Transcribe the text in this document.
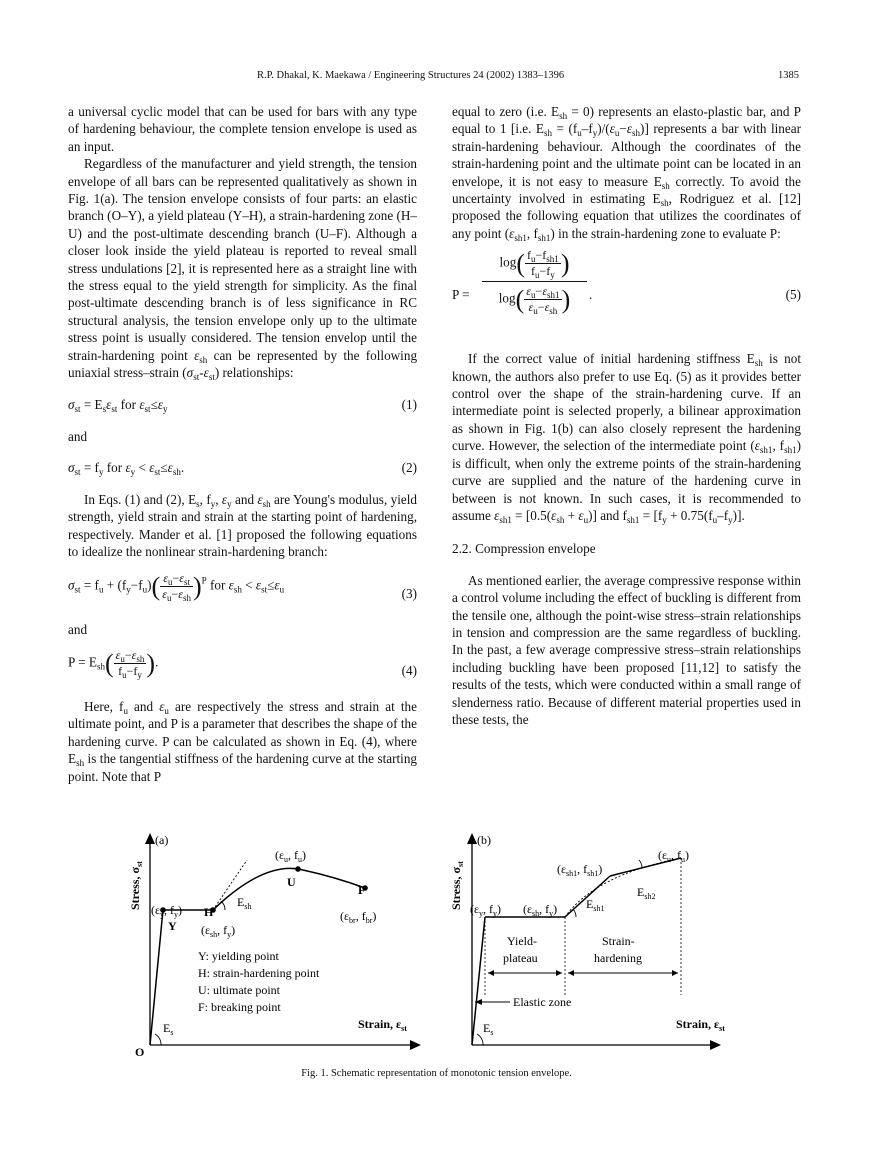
R.P. Dhakal, K. Maekawa / Engineering Structures 24 (2002) 1383–1396	1385

a universal cyclic model that can be used for bars with any type of hardening behaviour, the complete tension envelope is used as an input.

Regardless of the manufacturer and yield strength, the tension envelope of all bars can be represented qualitatively as shown in Fig. 1(a). The tension envelope consists of four parts: an elastic branch (O–Y), a yield plateau (Y–H), a strain-hardening zone (H–U) and the post-ultimate descending branch (U–F). Although a closer look inside the yield plateau is reported to reveal small stress undulations [2], it is represented here as a straight line with the stress equal to the yield strength for simplicity. As the final post-ultimate descending branch is of less significance in RC structural analysis, the tension envelope only up to the ultimate stress point is usually considered. The tension envelop until the strain-hardening point $\varepsilon_{sh}$ can be represented by the following uniaxial stress–strain $(\sigma_{st}-\varepsilon_{st})$ relationships:

$\sigma_{st} = E_s\varepsilon_{st}$ for $\varepsilon_{st}\le\varepsilon_y$	(1)

and

$\sigma_{st} = f_y$ for $\varepsilon_y < \varepsilon_{st}\le\varepsilon_{sh}$.	(2)

In Eqs. (1) and (2), $E_s$, $f_y$, $\varepsilon_y$ and $\varepsilon_{sh}$ are Young's modulus, yield strength, yield strain and strain at the starting point of hardening, respectively. Mander et al. [1] proposed the following equations to idealize the nonlinear strain-hardening branch:

$\sigma_{st} = f_u + (f_y-f_u)( \frac{\varepsilon_u-\varepsilon_{st}}{\varepsilon_u-\varepsilon_{sh}} )^P$ for $\varepsilon_{sh} < \varepsilon_{st}\le\varepsilon_u$	(3)

and

$P = E_{sh}( \frac{\varepsilon_u-\varepsilon_{sh}}{f_u-f_y}$ ).
(4)

Here, $f_u$ and $\varepsilon_u$ are respectively the stress and strain at the ultimate point, and P is a parameter that describes the shape of the hardening curve. P can be calculated as shown in Eq. (4), where $E_{sh}$ is the tangential stiffness of the hardening curve at the starting point. Note that P

equal to zero (i.e. $E_{sh} = 0$) represents an elasto-plastic bar, and P equal to 1 [i.e. $E_{sh} = (f_u-f_y)/(\varepsilon_u-\varepsilon_{sh})$] represents a bar with linear strain-hardening behaviour. Although the coordinates of the strain-hardening point and the ultimate point can be located in an envelope, it is not easy to measure $E_{sh}$ correctly. To avoid the uncertainty involved in estimating $E_{sh}$, Rodriguez et al. [12] proposed the following equation that utilizes the coordinates of any point ($\varepsilon_{sh1}$, $f_{sh1}$) in the strain-hardening zone to evaluate P:

P =
$\log( \frac{f_u-f_{sh1}}{f_u-f_y}$ )
$\log( \frac{\varepsilon_u-\varepsilon_{sh1}}{\varepsilon_u-\varepsilon_{sh}}$ )	.	(5)

If the correct value of initial hardening stiffness $E_{sh}$ is not known, the authors also prefer to use Eq. (5) as it provides better control over the shape of the strain-hardening curve. If an intermediate point is selected properly, a bilinear approximation as shown in Fig. 1(b) can also closely represent the hardening curve. However, the selection of the intermediate point ($\varepsilon_{sh1}$, $f_{sh1}$) is difficult, when only the extreme points of the strain-hardening curve are supplied and the nature of the hardening curve in between is not known. In such cases, it is recommended to assume $\varepsilon_{sh1} = [0.5(\varepsilon_{sh} + \varepsilon_u)]$ and $f_{sh1} = [f_y + 0.75(f_u-f_y)]$.

2.2. Compression envelope

As mentioned earlier, the average compressive response within a control volume including the effect of buckling is different from the tensile one, although the point-wise stress–strain relationships in tension and compression are the same regardless of buckling. In the past, a few average compressive stress–strain relationships including buckling have been proposed [11,12] to satisfy the results of the tests, which were conducted within a small range of slenderness ratio. Because of different material properties used in these tests, the

(a)
Stress, $\sigma_{st}$
Strain, $\varepsilon_{st}$
($\varepsilon_y$, $f_y$)
Y
H
($\varepsilon_{sh}$, $f_y$)
$E_{sh}$
($\varepsilon_u$, $f_u$)
U
F
($\varepsilon_{br}$, $f_{br}$)
$E_s$
O
Y: yielding point
H: strain-hardening point
U: ultimate point
F: breaking point
(b)
Stress, $\sigma_{st}$
Strain, $\varepsilon_{st}$
($\varepsilon_y$, $f_y$) ($\varepsilon_{sh}$, $f_y$)
($\varepsilon_{sh1}$, $f_{sh1}$)
($\varepsilon_u$, $f_u$)
$E_{sh1}$
$E_{sh2}$
Yield-
plateau
Strain-
hardening
Elastic zone
$E_s$
Fig. 1. Schematic representation of monotonic tension envelope.
